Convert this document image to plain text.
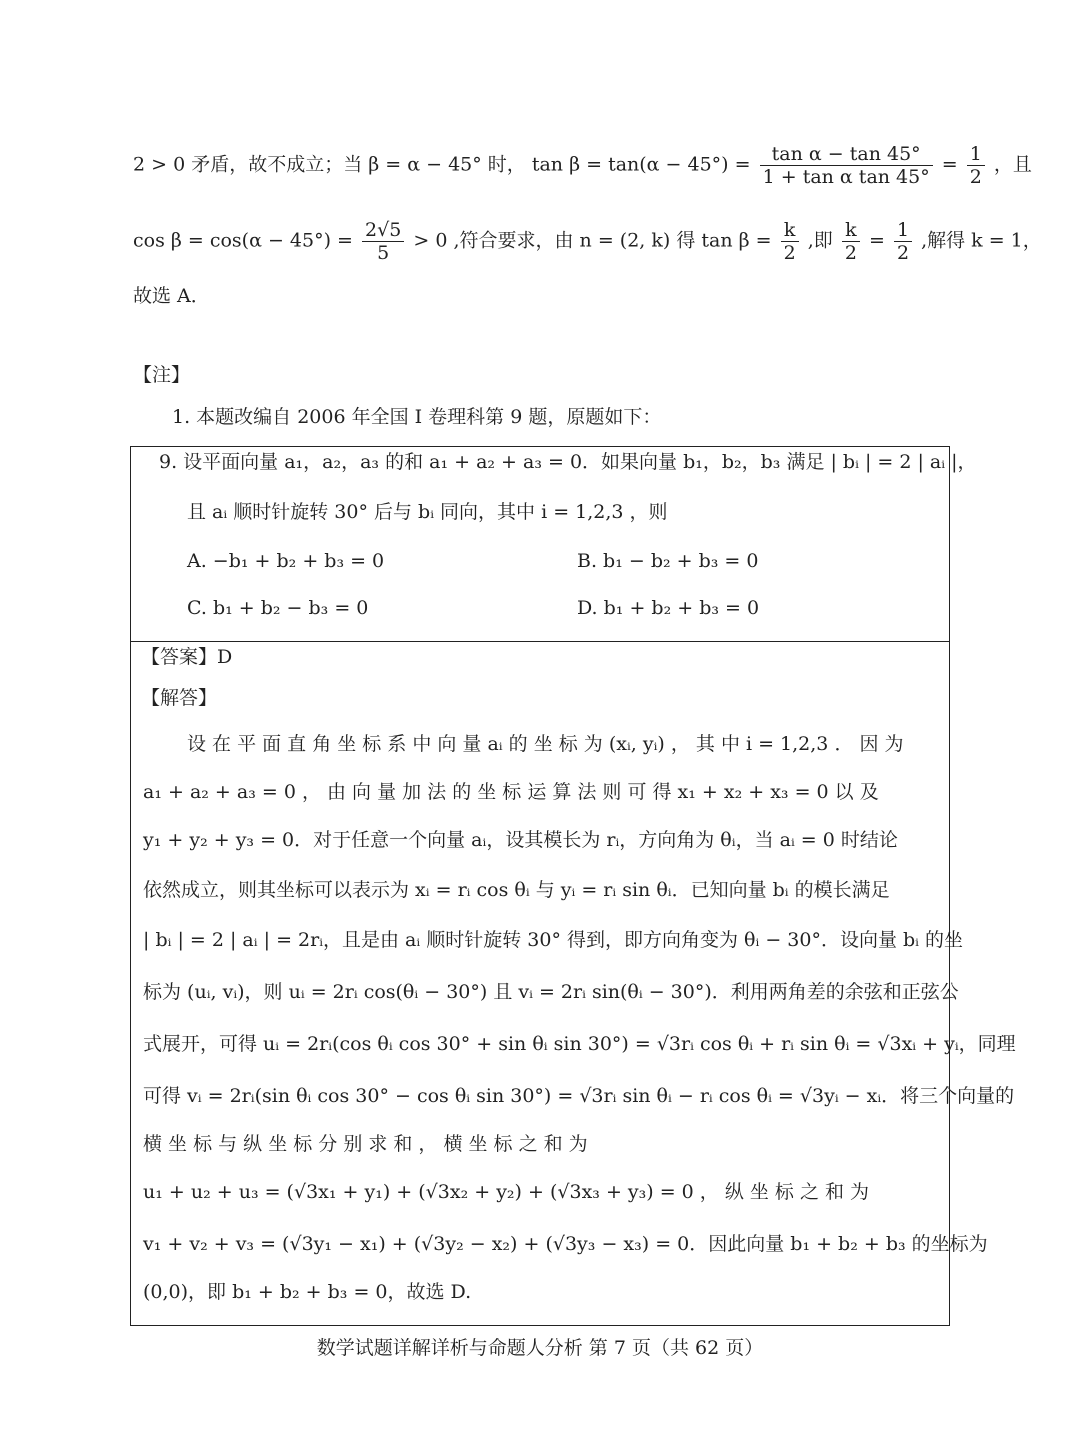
2 > 0 矛盾，故不成立；当 β = α − 45° 时， $\tan \beta = \tan(\alpha - 45^\circ) = \frac{\text{tan α − tan 45°}}{\text{1 + tan α tan 45°}} = \frac{1}{2}$ ，且
$\cos \beta = \cos(\alpha - 45^\circ) = \frac{2√5}{5} > 0$ ,符合要求，由 n = (2, k) 得 $\tan \beta = \frac{k}{2}$ ,即 $\frac{k}{2} = \frac{1}{2}$ ,解得 k = 1，
故选 A．
【注】
1. 本题改编自 2006 年全国 I 卷理科第 9 题，原题如下：
9. 设平面向量 a₁，a₂，a₃ 的和 a₁ + a₂ + a₃ = 0．如果向量 b₁，b₂，b₃ 满足 | bᵢ | = 2 | aᵢ |，
且 aᵢ 顺时针旋转 30° 后与 bᵢ 同向，其中 i = 1,2,3 ，则
A. −b₁ + b₂ + b₃ = 0	B. b₁ − b₂ + b₃ = 0
C. b₁ + b₂ − b₃ = 0	D. b₁ + b₂ + b₃ = 0
【答案】D
【解答】
设 在 平 面 直 角 坐 标 系 中 向 量 aᵢ 的 坐 标 为 (xᵢ, yᵢ) ， 其 中 i = 1,2,3 ． 因 为
a₁ + a₂ + a₃ = 0 ， 由 向 量 加 法 的 坐 标 运 算 法 则 可 得 x₁ + x₂ + x₃ = 0 以 及
y₁ + y₂ + y₃ = 0．对于任意一个向量 aᵢ，设其模长为 rᵢ，方向角为 θᵢ，当 aᵢ = 0 时结论
依然成立，则其坐标可以表示为 xᵢ = rᵢ cos θᵢ 与 yᵢ = rᵢ sin θᵢ．已知向量 bᵢ 的模长满足
| bᵢ | = 2 | aᵢ | = 2rᵢ，且是由 aᵢ 顺时针旋转 30° 得到，即方向角变为 θᵢ − 30°．设向量 bᵢ 的坐
标为 (uᵢ, vᵢ)，则 uᵢ = 2rᵢ cos(θᵢ − 30°) 且 vᵢ = 2rᵢ sin(θᵢ − 30°)．利用两角差的余弦和正弦公
式展开，可得 uᵢ = 2rᵢ(cos θᵢ cos 30° + sin θᵢ sin 30°) = √3rᵢ cos θᵢ + rᵢ sin θᵢ = √3xᵢ + yᵢ，同理
可得 vᵢ = 2rᵢ(sin θᵢ cos 30° − cos θᵢ sin 30°) = √3rᵢ sin θᵢ − rᵢ cos θᵢ = √3yᵢ − xᵢ．将三个向量的
横 坐 标 与 纵 坐 标 分 别 求 和 ， 横 坐 标 之 和 为
u₁ + u₂ + u₃ = (√3x₁ + y₁) + (√3x₂ + y₂) + (√3x₃ + y₃) = 0 ， 纵 坐 标 之 和 为
v₁ + v₂ + v₃ = (√3y₁ − x₁) + (√3y₂ − x₂) + (√3y₃ − x₃) = 0．因此向量 b₁ + b₂ + b₃ 的坐标为
(0,0)，即 b₁ + b₂ + b₃ = 0，故选 D.
数学试题详解详析与命题人分析 第 7 页（共 62 页）
